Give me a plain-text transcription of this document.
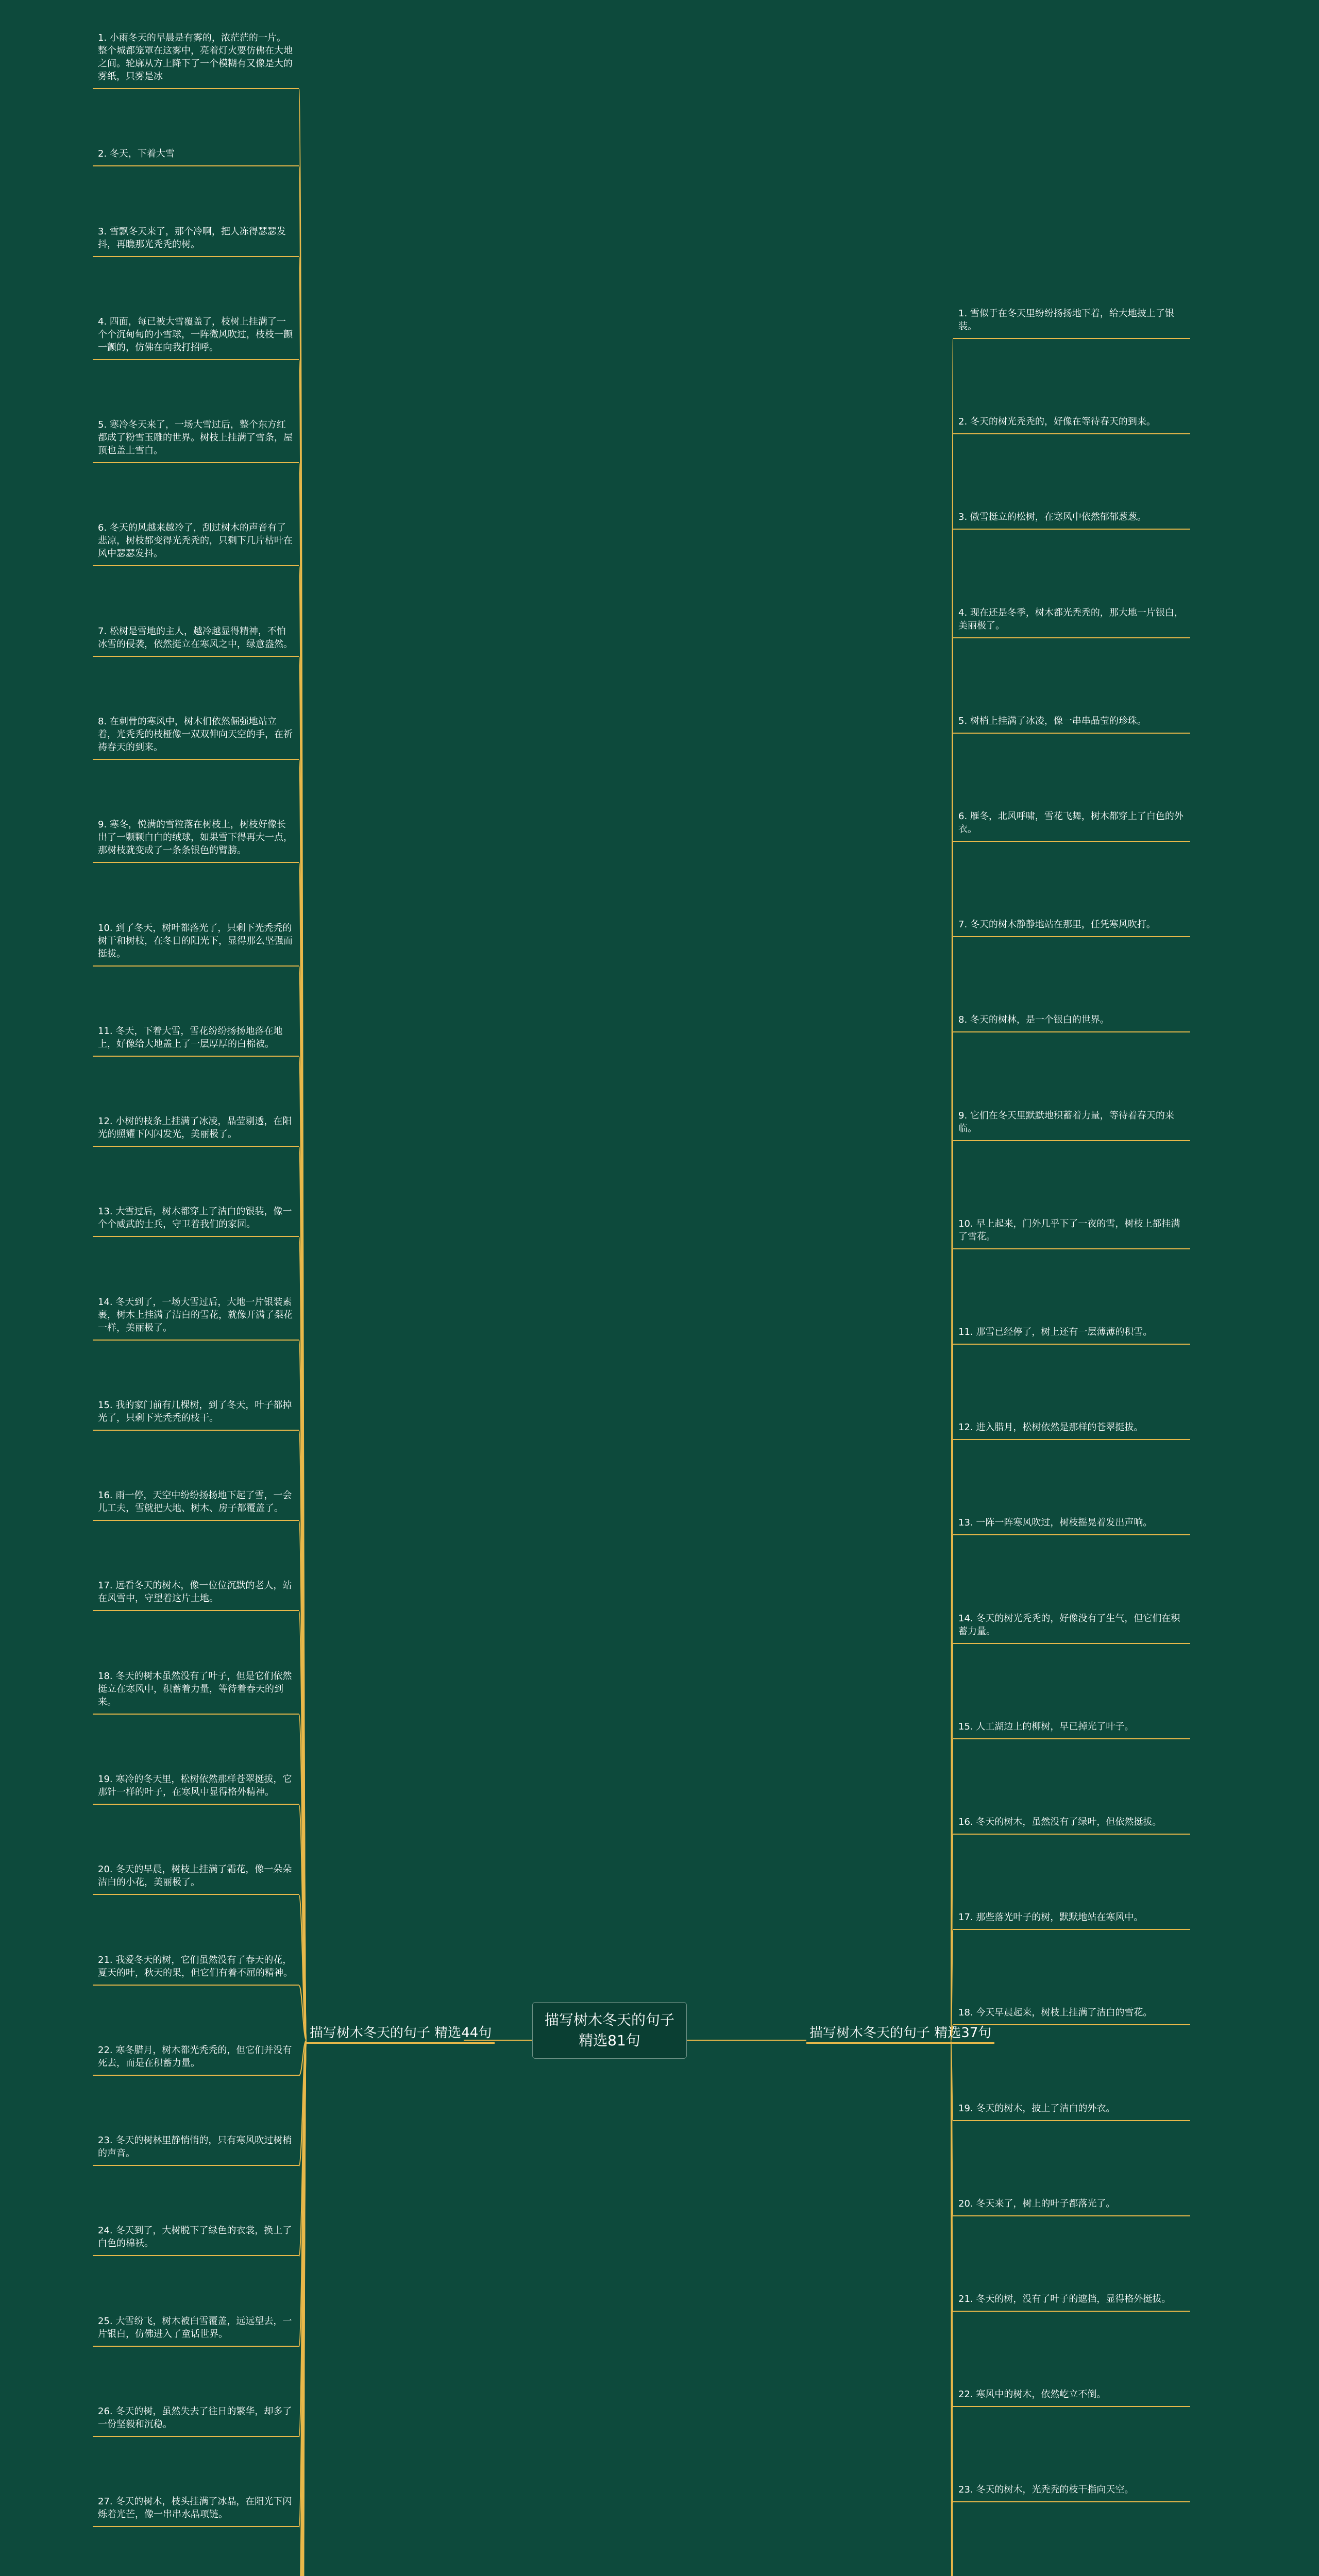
描写树木冬天的句子精选81句
描写树木冬天的句子 精选44句	描写树木冬天的句子 精选37句
1. 小雨冬天的早晨是有雾的，浓茫茫的一片。整个城都笼罩在这雾中，亮着灯火要仿佛在大地之间。轮廓从方上降下了一个模糊有又像是大的雾纸，只雾是冰
2. 冬天，下着大雪
3. 雪飘冬天来了，那个冷啊，把人冻得瑟瑟发抖，再瞧那光秃秃的树。
4. 四面，每已被大雪覆盖了，枝树上挂满了一个个沉甸甸的小雪球，一阵微风吹过，枝枝一颤一颤的，仿佛在向我打招呼。
5. 寒冷冬天来了，一场大雪过后，整个东方红都成了粉雪玉雕的世界。树枝上挂满了雪条，屋顶也盖上雪白。
6. 冬天的风越来越冷了，刮过树木的声音有了悲凉，树枝都变得光秃秃的，只剩下几片枯叶在风中瑟瑟发抖。
7. 松树是雪地的主人，越冷越显得精神，不怕冰雪的侵袭，依然挺立在寒风之中，绿意盎然。
8. 在刺骨的寒风中，树木们依然倔强地站立着，光秃秃的枝桠像一双双伸向天空的手，在祈祷春天的到来。
9. 寒冬，悦满的雪粒落在树枝上，树枝好像长出了一颗颗白白的绒球，如果雪下得再大一点，那树枝就变成了一条条银色的臂膀。
10. 到了冬天，树叶都落光了，只剩下光秃秃的树干和树枝，在冬日的阳光下，显得那么坚强而挺拔。
11. 冬天，下着大雪，雪花纷纷扬扬地落在地上，好像给大地盖上了一层厚厚的白棉被。
12. 小树的枝条上挂满了冰凌，晶莹剔透，在阳光的照耀下闪闪发光，美丽极了。
13. 大雪过后，树木都穿上了洁白的银装，像一个个威武的士兵，守卫着我们的家园。
14. 冬天到了，一场大雪过后，大地一片银装素裹，树木上挂满了洁白的雪花，就像开满了梨花一样，美丽极了。
15. 我的家门前有几棵树，到了冬天，叶子都掉光了，只剩下光秃秃的枝干。
16. 雨一停，天空中纷纷扬扬地下起了雪，一会儿工夫，雪就把大地、树木、房子都覆盖了。
17. 远看冬天的树木，像一位位沉默的老人，站在风雪中，守望着这片土地。
18. 冬天的树木虽然没有了叶子，但是它们依然挺立在寒风中，积蓄着力量，等待着春天的到来。
19. 寒冷的冬天里，松树依然那样苍翠挺拔，它那针一样的叶子，在寒风中显得格外精神。
20. 冬天的早晨，树枝上挂满了霜花，像一朵朵洁白的小花，美丽极了。
21. 我爱冬天的树，它们虽然没有了春天的花，夏天的叶，秋天的果，但它们有着不屈的精神。
22. 寒冬腊月，树木都光秃秃的，但它们并没有死去，而是在积蓄力量。
23. 冬天的树林里静悄悄的，只有寒风吹过树梢的声音。
24. 冬天到了，大树脱下了绿色的衣裳，换上了白色的棉袄。
25. 大雪纷飞，树木被白雪覆盖，远远望去，一片银白，仿佛进入了童话世界。
26. 冬天的树，虽然失去了往日的繁华，却多了一份坚毅和沉稳。
27. 冬天的树木，枝头挂满了冰晶，在阳光下闪烁着光芒，像一串串水晶项链。
1. 雪似于在冬天里纷纷扬扬地下着，给大地披上了银装。
2. 冬天的树光秃秃的，好像在等待春天的到来。
3. 傲雪挺立的松树，在寒风中依然郁郁葱葱。
4. 现在还是冬季，树木都光秃秃的，那大地一片银白，美丽极了。
5. 树梢上挂满了冰凌，像一串串晶莹的珍珠。
6. 雁冬，北风呼啸，雪花飞舞，树木都穿上了白色的外衣。
7. 冬天的树木静静地站在那里，任凭寒风吹打。
8. 冬天的树林，是一个银白的世界。
9. 它们在冬天里默默地积蓄着力量，等待着春天的来临。
10. 早上起来，门外几乎下了一夜的雪，树枝上都挂满了雪花。
11. 那雪已经停了，树上还有一层薄薄的积雪。
12. 进入腊月，松树依然是那样的苍翠挺拔。
13. 一阵一阵寒风吹过，树枝摇晃着发出声响。
14. 冬天的树光秃秃的，好像没有了生气，但它们在积蓄力量。
15. 人工湖边上的柳树，早已掉光了叶子。
16. 冬天的树木，虽然没有了绿叶，但依然挺拔。
17. 那些落光叶子的树，默默地站在寒风中。
18. 今天早晨起来，树枝上挂满了洁白的雪花。
19. 冬天的树木，披上了洁白的外衣。
20. 冬天来了，树上的叶子都落光了。
21. 冬天的树，没有了叶子的遮挡，显得格外挺拔。
22. 寒风中的树木，依然屹立不倒。
23. 冬天的树木，光秃秃的枝干指向天空。
